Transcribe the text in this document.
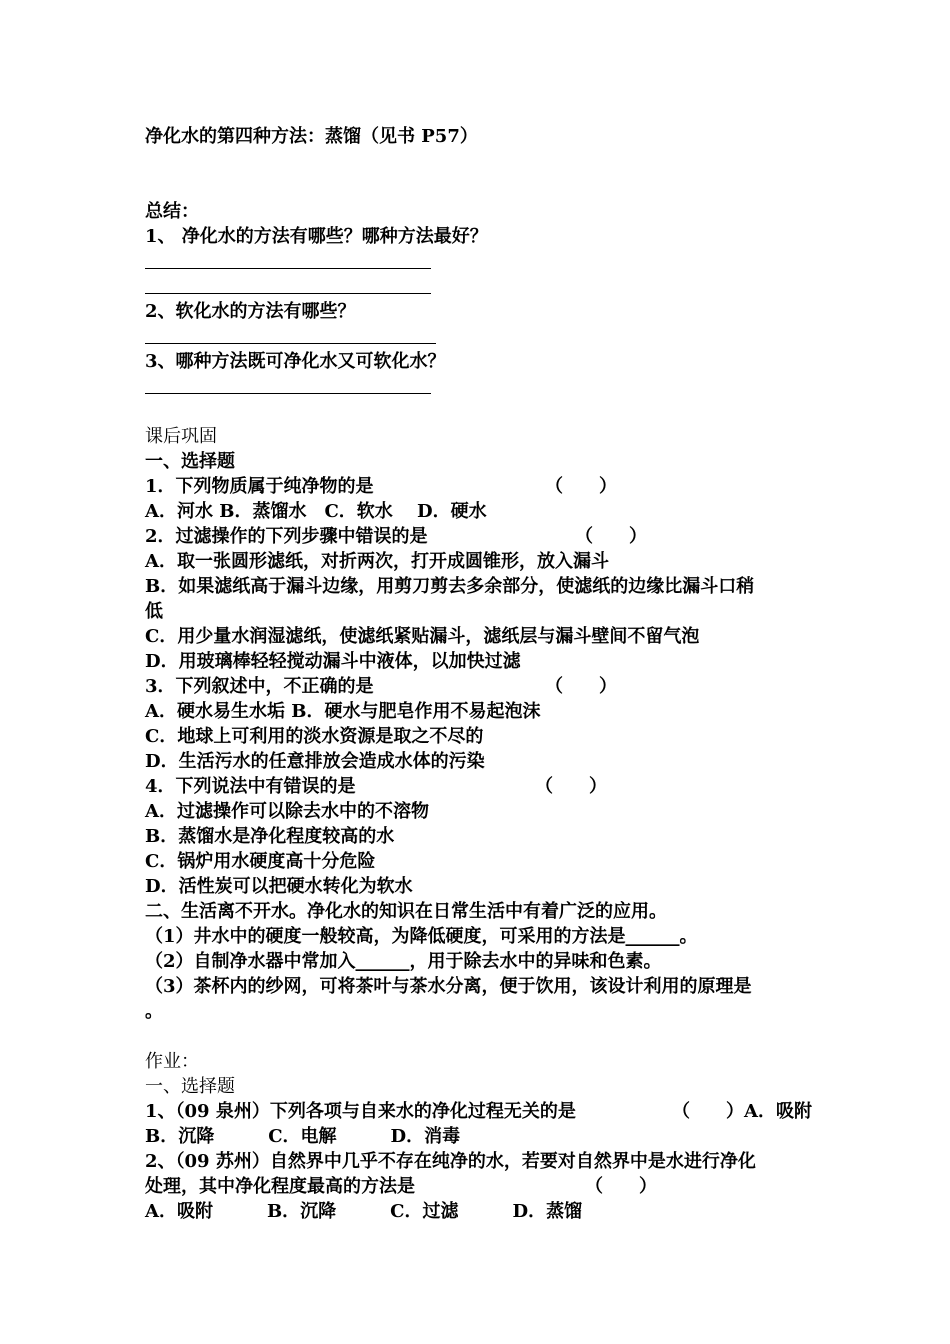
净化水的第四种方法：蒸馏（见书 P57）
总结：
1、 净化水的方法有哪些？哪种方法最好？
2、软化水的方法有哪些？
3、哪种方法既可净化水又可软化水？
课后巩固
一、选择题
1．下列物质属于纯净物的是	（　　）
A．河水 B．蒸馏水　C．软水　 D．硬水
2．过滤操作的下列步骤中错误的是	（　　）
A．取一张圆形滤纸，对折两次，打开成圆锥形，放入漏斗
B．如果滤纸高于漏斗边缘，用剪刀剪去多余部分，使滤纸的边缘比漏斗口稍
低
C．用少量水润湿滤纸，使滤纸紧贴漏斗，滤纸层与漏斗壁间不留气泡
D．用玻璃棒轻轻搅动漏斗中液体，以加快过滤
3．下列叙述中，不正确的是	（　　）
A．硬水易生水垢 B．硬水与肥皂作用不易起泡沫
C．地球上可利用的淡水资源是取之不尽的
D．生活污水的任意排放会造成水体的污染
4．下列说法中有错误的是	（　　）
A．过滤操作可以除去水中的不溶物
B．蒸馏水是净化程度较高的水
C．锅炉用水硬度高十分危险
D．活性炭可以把硬水转化为软水
二、生活离不开水。净化水的知识在日常生活中有着广泛的应用。
（1）井水中的硬度一般较高，为降低硬度，可采用的方法是______。
（2）自制净水器中常加入______，用于除去水中的异味和色素。
（3）茶杯内的纱网，可将茶叶与茶水分离，便于饮用，该设计利用的原理是
。
作业：
一、选择题
1、（09 泉州）下列各项与自来水的净化过程无关的是	（　　）A．吸附
B．沉降　　　C．电解　　　D．消毒
2、（09 苏州）自然界中几乎不存在纯净的水，若要对自然界中是水进行净化
处理，其中净化程度最高的方法是	（　　）
A．吸附　　　B．沉降　　　C．过滤　　　D．蒸馏
